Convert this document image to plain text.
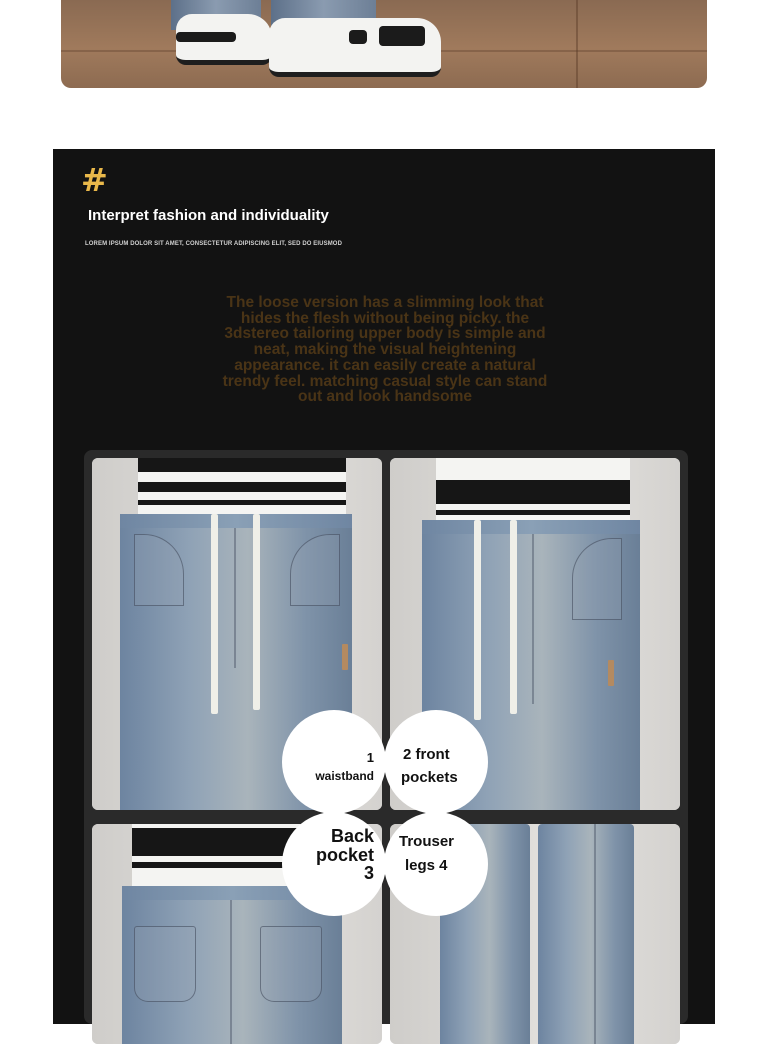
#
Interpret fashion and individuality
LOREM IPSUM DOLOR SIT AMET, CONSECTETUR ADIPISCING ELIT, SED DO EIUSMOD
The loose version has a slimming look that hides the flesh without being picky. the 3dstereo tailoring upper body is simple and neat, making the visual heightening appearance. it can easily create a natural trendy feel. matching casual style can stand out and look handsome
1
waistband
2 front
pockets
Back
pocket
3
Trouser
legs 4
